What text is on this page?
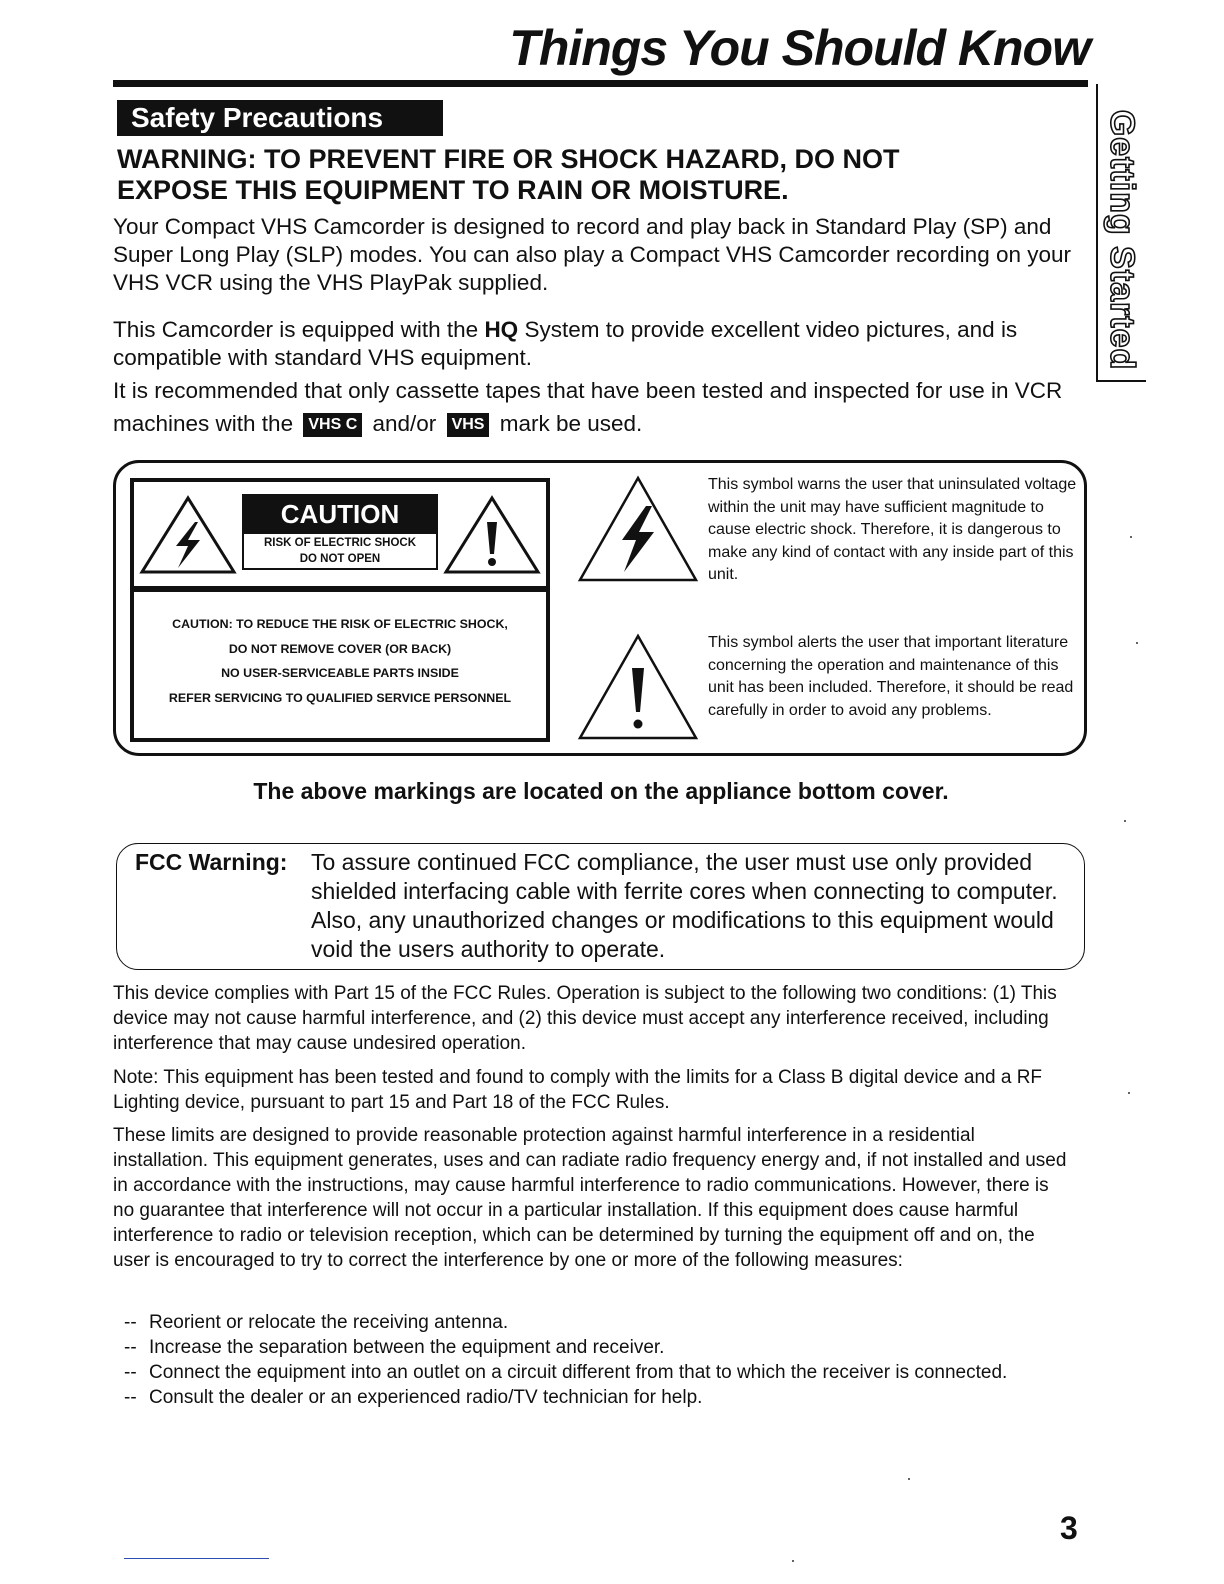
Things You Should Know
Safety Precautions	Getting Started
WARNING: TO PREVENT FIRE OR SHOCK HAZARD, DO NOT
EXPOSE THIS EQUIPMENT TO RAIN OR MOISTURE.
Your Compact VHS Camcorder is designed to record and play back in Standard Play (SP) and Super Long Play (SLP) modes. You can also play a Compact VHS Camcorder recording on your VHS VCR using the VHS PlayPak supplied.
This Camcorder is equipped with the HQ System to provide excellent video pictures, and is compatible with standard VHS equipment.
It is recommended that only cassette tapes that have been tested and inspected for use in VCR machines with the VHS C and/or VHS mark be used.
CAUTION
RISK OF ELECTRIC SHOCK
DO NOT OPEN
CAUTION: TO REDUCE THE RISK OF ELECTRIC SHOCK,
DO NOT REMOVE COVER (OR BACK)
NO USER-SERVICEABLE PARTS INSIDE
REFER SERVICING TO QUALIFIED SERVICE PERSONNEL
This symbol warns the user that uninsulated voltage within the unit may have sufficient magnitude to cause electric shock. Therefore, it is dangerous to make any kind of contact with any inside part of this unit.
This symbol alerts the user that important literature concerning the operation and maintenance of this unit has been included. Therefore, it should be read carefully in order to avoid any problems.
The above markings are located on the appliance bottom cover.
FCC Warning: To assure continued FCC compliance, the user must use only provided shielded interfacing cable with ferrite cores when connecting to computer. Also, any unauthorized changes or modifications to this equipment would void the users authority to operate.
This device complies with Part 15 of the FCC Rules. Operation is subject to the following two conditions: (1) This device may not cause harmful interference, and (2) this device must accept any interference received, including interference that may cause undesired operation.
Note: This equipment has been tested and found to comply with the limits for a Class B digital device and a RF Lighting device, pursuant to part 15 and Part 18 of the FCC Rules.
These limits are designed to provide reasonable protection against harmful interference in a residential installation. This equipment generates, uses and can radiate radio frequency energy and, if not installed and used in accordance with the instructions, may cause harmful interference to radio communications. However, there is no guarantee that interference will not occur in a particular installation. If this equipment does cause harmful interference to radio or television reception, which can be determined by turning the equipment off and on, the user is encouraged to try to correct the interference by one or more of the following measures:
-- Reorient or relocate the receiving antenna.
-- Increase the separation between the equipment and receiver.
-- Connect the equipment into an outlet on a circuit different from that to which the receiver is connected.
-- Consult the dealer or an experienced radio/TV technician for help.
3
